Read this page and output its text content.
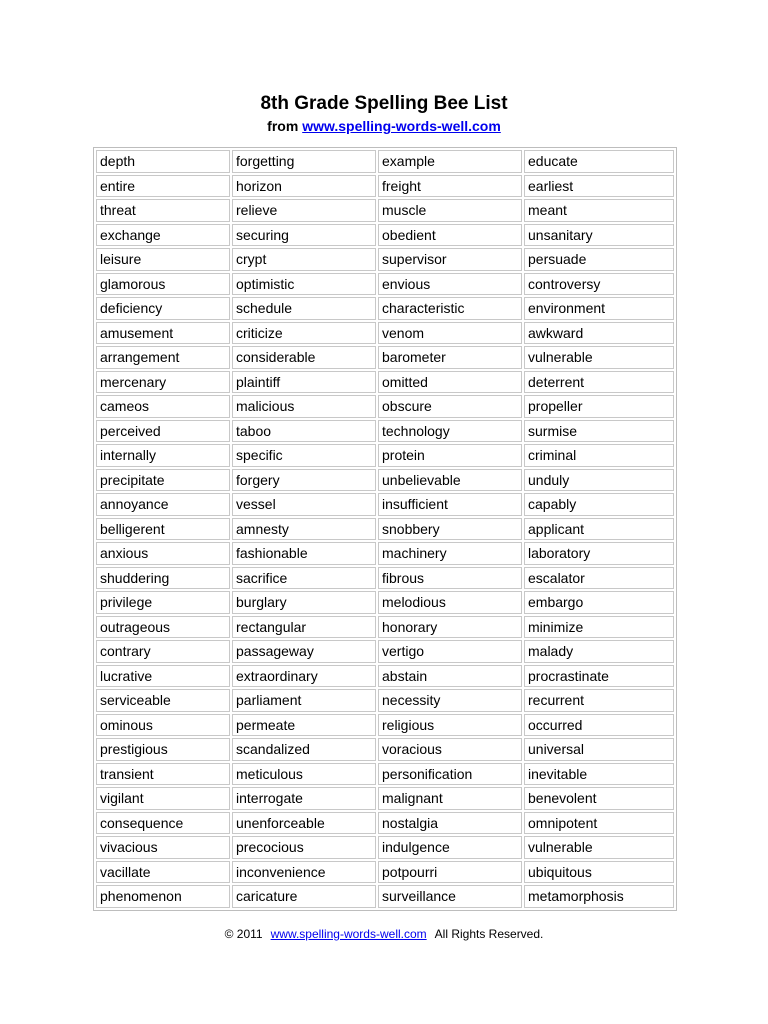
8th Grade Spelling Bee List
from www.spelling-words-well.com
depth	forgetting	example	educate
entire	horizon	freight	earliest
threat	relieve	muscle	meant
exchange	securing	obedient	unsanitary
leisure	crypt	supervisor	persuade
glamorous	optimistic	envious	controversy
deficiency	schedule	characteristic	environment
amusement	criticize	venom	awkward
arrangement	considerable	barometer	vulnerable
mercenary	plaintiff	omitted	deterrent
cameos	malicious	obscure	propeller
perceived	taboo	technology	surmise
internally	specific	protein	criminal
precipitate	forgery	unbelievable	unduly
annoyance	vessel	insufficient	capably
belligerent	amnesty	snobbery	applicant
anxious	fashionable	machinery	laboratory
shuddering	sacrifice	fibrous	escalator
privilege	burglary	melodious	embargo
outrageous	rectangular	honorary	minimize
contrary	passageway	vertigo	malady
lucrative	extraordinary	abstain	procrastinate
serviceable	parliament	necessity	recurrent
ominous	permeate	religious	occurred
prestigious	scandalized	voracious	universal
transient	meticulous	personification	inevitable
vigilant	interrogate	malignant	benevolent
consequence	unenforceable	nostalgia	omnipotent
vivacious	precocious	indulgence	vulnerable
vacillate	inconvenience	potpourri	ubiquitous
phenomenon	caricature	surveillance	metamorphosis
© 2011 www.spelling-words-well.com All Rights Reserved.
